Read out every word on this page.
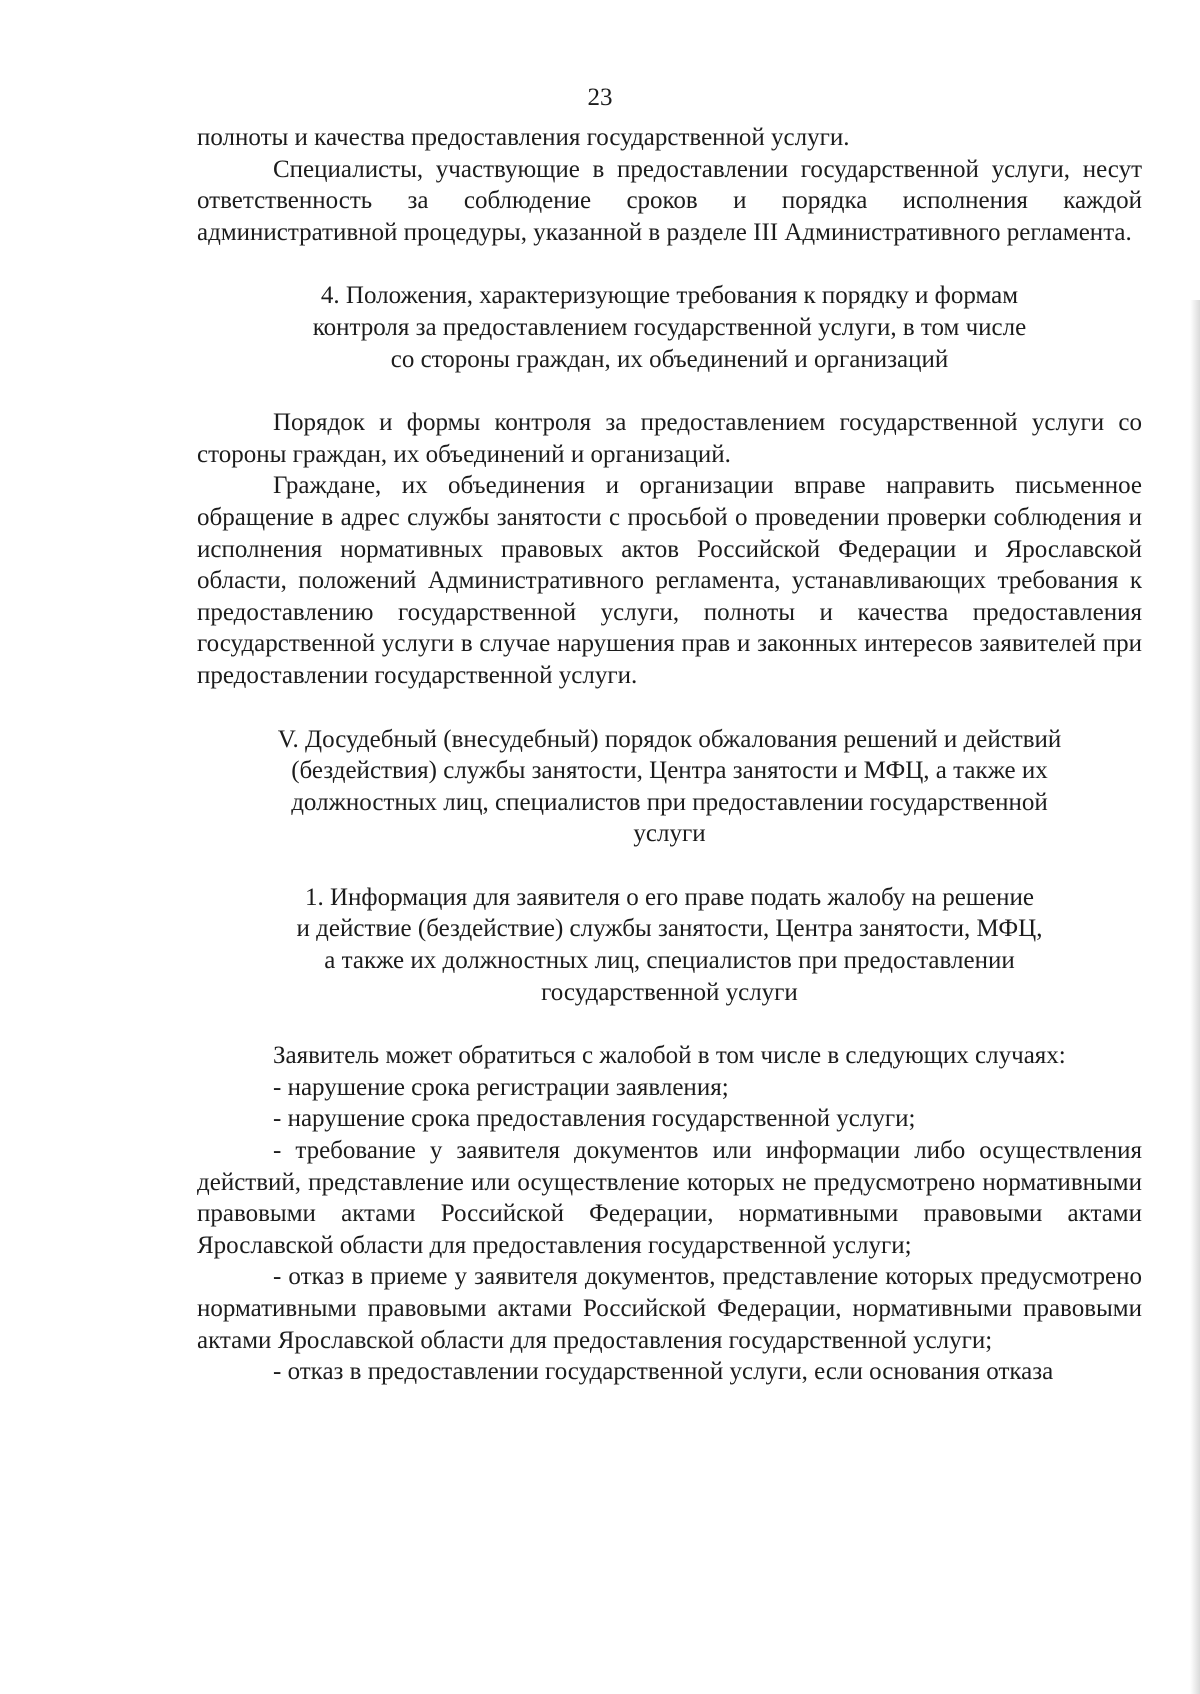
23

полноты и качества предоставления государственной услуги.

Специалисты, участвующие в предоставлении государственной услуги, несут ответственность за соблюдение сроков и порядка исполнения каждой административной процедуры, указанной в разделе III Административного регламента.

4. Положения, характеризующие требования к порядку и формам
контроля за предоставлением государственной услуги, в том числе
со стороны граждан, их объединений и организаций

Порядок и формы контроля за предоставлением государственной услуги со стороны граждан, их объединений и организаций.

Граждане, их объединения и организации вправе направить письменное обращение в адрес службы занятости с просьбой о проведении проверки соблюдения и исполнения нормативных правовых актов Российской Федерации и Ярославской области, положений Административного регламента, устанавливающих требования к предоставлению государственной услуги, полноты и качества предоставления государственной услуги в случае нарушения прав и законных интересов заявителей при предоставлении государственной услуги.

V. Досудебный (внесудебный) порядок обжалования решений и действий
(бездействия) службы занятости, Центра занятости и МФЦ, а также их
должностных лиц, специалистов при предоставлении государственной
услуги
1. Информация для заявителя о его праве подать жалобу на решение
и действие (бездействие) службы занятости, Центра занятости, МФЦ,
а также их должностных лиц, специалистов при предоставлении
государственной услуги

Заявитель может обратиться с жалобой в том числе в следующих случаях:

- нарушение срока регистрации заявления;

- нарушение срока предоставления государственной услуги;

- требование у заявителя документов или информации либо осуществления действий, представление или осуществление которых не предусмотрено нормативными правовыми актами Российской Федерации, нормативными правовыми актами Ярославской области для предоставления государственной услуги;

- отказ в приеме у заявителя документов, представление которых предусмотрено нормативными правовыми актами Российской Федерации, нормативными правовыми актами Ярославской области для предоставления государственной услуги;

- отказ в предоставлении государственной услуги, если основания отказа
